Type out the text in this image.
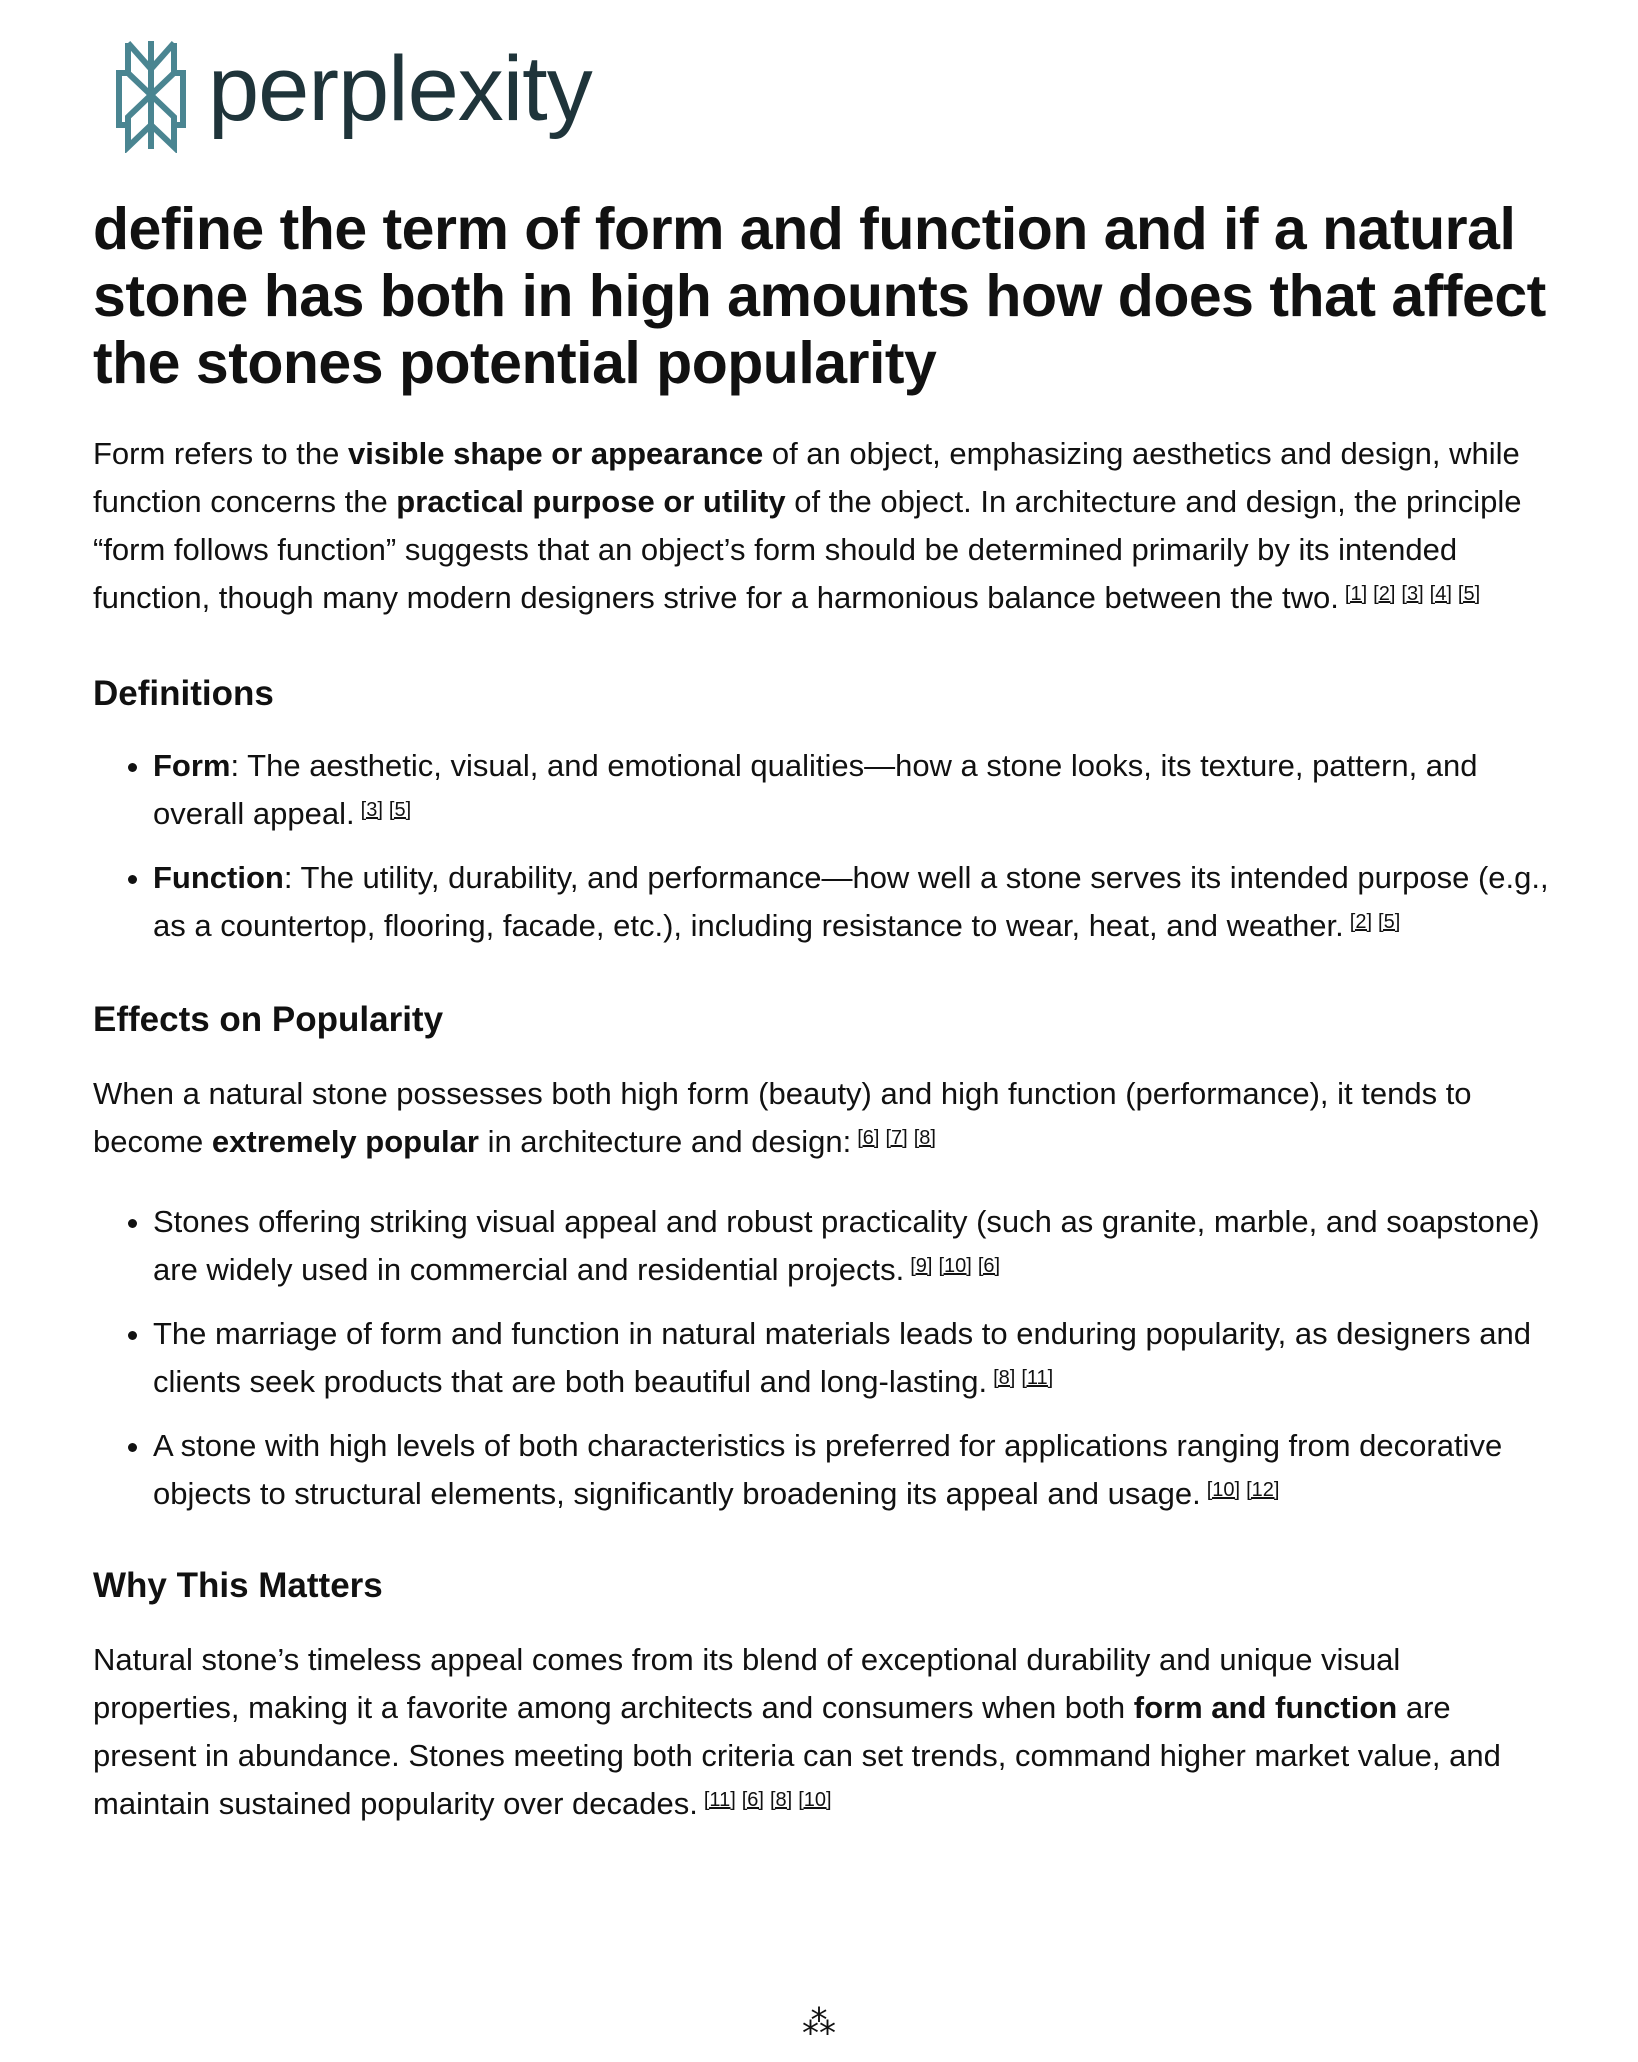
perplexity
define the term of form and function and if a natural stone has both in high amounts how does that affect the stones potential popularity

Form refers to the visible shape or appearance of an object, emphasizing aesthetics and design, while function concerns the practical purpose or utility of the object. In architecture and design, the principle “form follows function” suggests that an object’s form should be determined primarily by its intended function, though many modern designers strive for a harmonious balance between the two. [1] [2] [3] [4] [5]

Definitions
• Form: The aesthetic, visual, and emotional qualities—how a stone looks, its texture, pattern, and overall appeal. [3] [5]
• Function: The utility, durability, and performance—how well a stone serves its intended purpose (e.g., as a countertop, flooring, facade, etc.), including resistance to wear, heat, and weather. [2] [5]
Effects on Popularity

When a natural stone possesses both high form (beauty) and high function (performance), it tends to become extremely popular in architecture and design: [6] [7] [8]

• Stones offering striking visual appeal and robust practicality (such as granite, marble, and soapstone) are widely used in commercial and residential projects. [9] [10] [6]
• The marriage of form and function in natural materials leads to enduring popularity, as designers and clients seek products that are both beautiful and long-lasting. [8] [11]
• A stone with high levels of both characteristics is preferred for applications ranging from decorative objects to structural elements, significantly broadening its appeal and usage. [10] [12]
Why This Matters

Natural stone’s timeless appeal comes from its blend of exceptional durability and unique visual properties, making it a favorite among architects and consumers when both form and function are present in abundance. Stones meeting both criteria can set trends, command higher market value, and maintain sustained popularity over decades. [11] [6] [8] [10]

⁂
